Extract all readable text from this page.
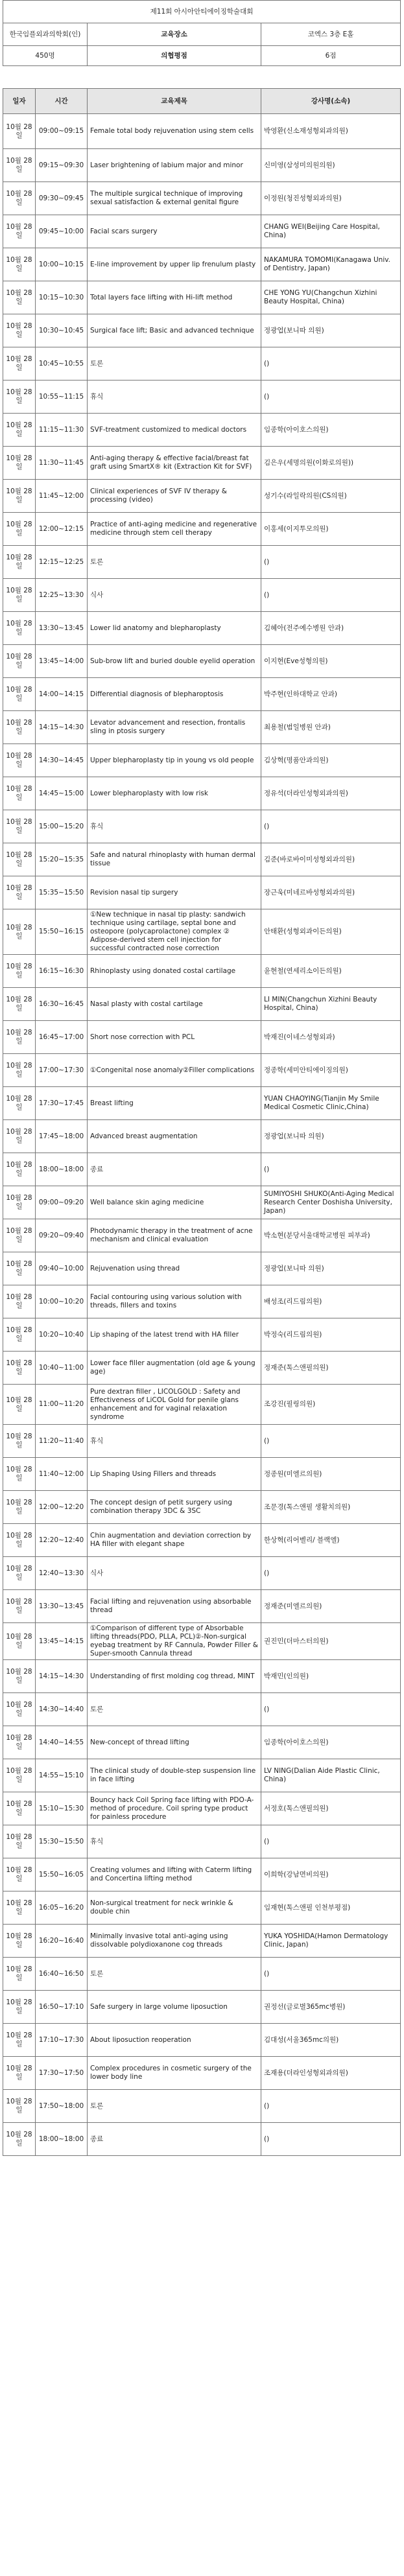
제11회 아시아안티에이징학술대회			
한국임플외과의학회(인)		교육장소	코엑스 3층 E홀
450명		의협평점	6점

일자	시간	교육제목	강사명(소속)
10월 28일	09:00~09:15	Female total body rejuvenation using stem cells	박영환(신소재성형외과의원)
10월 28일	09:15~09:30	Laser brightening of labium major and minor	신미영(삼성미의원의원)
10월 28일	09:30~09:45	The multiple surgical technique of improving sexual satisfaction & external genital figure	이정원(청진성형외과의원)
10월 28일	09:45~10:00	Facial scars surgery	CHANG WEI(Beijing Care Hospital, China)
10월 28일	10:00~10:15	E-line improvement by upper lip frenulum plasty	NAKAMURA TOMOMI(Kanagawa Univ. of Dentistry, Japan)
10월 28일	10:15~10:30	Total layers face lifting with Hi-lift method	CHE YONG YU(Changchun Xizhini Beauty Hospital, China)
10월 28일	10:30~10:45	Surgical face lift; Basic and advanced technique	정광업(보니따 의원)
10월 28일	10:45~10:55	토론	()
10월 28일	10:55~11:15	휴식	()
10월 28일	11:15~11:30	SVF-treatment customized to medical doctors	임종학(아이호스의원)
10월 28일	11:30~11:45	Anti-aging therapy & effective facial/breast fat graft using SmartX® kit (Extraction Kit for SVF)	김은우(세명의원(이화로의원))
10월 28일	11:45~12:00	Clinical experiences of SVF IV therapy & processing (video)	성기수(라일락의원(CS의원)
10월 28일	12:00~12:15	Practice of anti-aging medicine and regenerative medicine through stem cell therapy	이홍세(이지투모의원)
10월 28일	12:15~12:25	토론	()
10월 28일	12:25~13:30	식사	()
10월 28일	13:30~13:45	Lower lid anatomy and blepharoplasty	김혜아(전주예수병원 안과)
10월 28일	13:45~14:00	Sub-brow lift and buried double eyelid operation	이지현(Eve성형의원)
10월 28일	14:00~14:15	Differential diagnosis of blepharoptosis	박주현(인하대학교 안과)
10월 28일	14:15~14:30	Levator advancement and resection, frontalis sling in ptosis surgery	최용철(범일병원 안과)
10월 28일	14:30~14:45	Upper blepharoplasty tip in young vs old people	김상혁(명품안과의원)
10월 28일	14:45~15:00	Lower blepharoplasty with low risk	정유석(더라인성형외과의원)
10월 28일	15:00~15:20	휴식	()
10월 28일	15:20~15:35	Safe and natural rhinoplasty with human dermal tissue	김준(바로바이미성형외과의원)
10월 28일	15:35~15:50	Revision nasal tip surgery	장근욱(미네르바성형외과의원)
10월 28일	15:50~16:15	①New technique in nasal tip plasty: sandwich technique using cartilage, septal bone and osteopore (polycaprolactone) complex ② Adipose-derived stem cell injection for successful contracted nose correction	안태환(성형외과이든의원)
10월 28일	16:15~16:30	Rhinoplasty using donated costal cartilage	윤현철(연세리소이든의원)
10월 28일	16:30~16:45	Nasal plasty with costal cartilage	LI MIN(Changchun Xizhini Beauty Hospital, China)
10월 28일	16:45~17:00	Short nose correction with PCL	박재진(이네스성형외과)
10월 28일	17:00~17:30	①Congenital nose anomaly②Filler complications	정종학(세미안티에이징의원)
10월 28일	17:30~17:45	Breast lifting	YUAN CHAOYING(Tianjin My Smile Medical Cosmetic Clinic,China)
10월 28일	17:45~18:00	Advanced breast augmentation	정광업(보니따 의원)
10월 28일	18:00~18:00	종료	()
10월 28일	09:00~09:20	Well balance skin aging medicine	SUMIYOSHI SHUKO(Anti-Aging Medical Research Center Doshisha University, Japan)
10월 28일	09:20~09:40	Photodynamic therapy in the treatment of acne mechanism and clinical evaluation	박소현(분당서울대학교병원 피부과)
10월 28일	09:40~10:00	Rejuvenation using thread	정광업(보니따 의원)
10월 28일	10:00~10:20	Facial contouring using various solution with threads, fillers and toxins	배성조(리드림의원)
10월 28일	10:20~10:40	Lip shaping of the latest trend with HA filler	박정숙(리드림의원)
10월 28일	10:40~11:00	Lower face filler augmentation (old age & young age)	정재준(톡스앤필의원)
10월 28일	11:00~11:20	Pure dextran filler , LICOLGOLD : Safety and Effectiveness of LiCOL Gold for penile glans enhancement and for vaginal relaxation syndrome	조강진(필링의원)
10월 28일	11:20~11:40	휴식	()
10월 28일	11:40~12:00	Lip Shaping Using Fillers and threads	정종원(미엘르의원)
10월 28일	12:00~12:20	The concept design of petit surgery using combination therapy 3DC & 3SC	조문경(톡스앤필 생활치의원)
10월 28일	12:20~12:40	Chin augmentation and deviation correction by HA filler with elegant shape	한상혁(리어벨리/ 블랙엘)
10월 28일	12:40~13:30	식사	()
10월 28일	13:30~13:45	Facial lifting and rejuvenation using absorbable thread	정재준(미엘르의원)
10월 28일	13:45~14:15	①Comparison of different type of Absorbable lifting threads(PDO, PLLA, PCL)②-Non-surgical eyebag treatment by RF Cannula, Powder Filler & Super-smooth Cannula thread	권진민(더마스터의원)
10월 28일	14:15~14:30	Understanding of first molding cog thread, MINT	박재민(인의원)
10월 28일	14:30~14:40	토론	()
10월 28일	14:40~14:55	New-concept of thread lifting	임종학(아이호스의원)
10월 28일	14:55~15:10	The clinical study of double-step suspension line in face lifting	LV NING(Dalian Aide Plastic Clinic, China)
10월 28일	15:10~15:30	Bouncy hack Coil Spring face lifting with PDO-A-method of procedure. Coil spring type product for painless procedure	서정호(톡스앤필의원)
10월 28일	15:30~15:50	휴식	()
10월 28일	15:50~16:05	Creating volumes and lifting with Caterm lifting and Concertina lifting method	이희학(강남면비의원)
10월 28일	16:05~16:20	Non-surgical treatment for neck wrinkle & double chin	임재현(톡스앤필 인천부평점)
10월 28일	16:20~16:40	Minimally invasive total anti-aging using dissolvable polydioxanone cog threads	YUKA YOSHIDA(Hamon Dermatology Clinic, Japan)
10월 28일	16:40~16:50	토론	()
10월 28일	16:50~17:10	Safe surgery in large volume liposuction	권정선(글로벌365mc병원)
10월 28일	17:10~17:30	About liposuction reoperation	김대성(서울365mc의원)
10월 28일	17:30~17:50	Complex procedures in cosmetic surgery of the lower body line	조재용(더라인성형외과의원)
10월 28일	17:50~18:00	토론	()
10월 28일	18:00~18:00	종료	()
